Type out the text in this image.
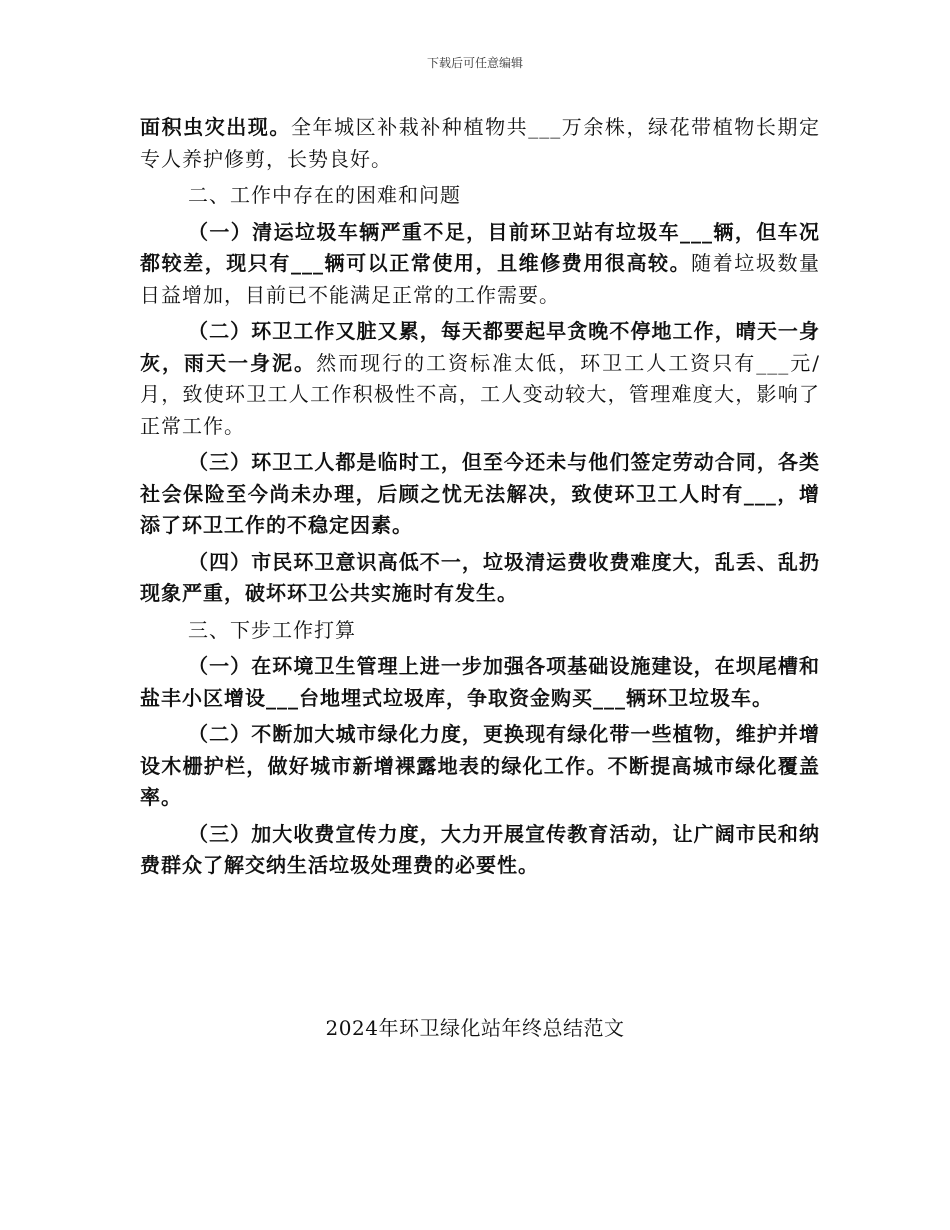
下载后可任意编辑

面积虫灾出现。全年城区补栽补种植物共___万余株，绿花带植物长期定专人养护修剪，长势良好。

二、工作中存在的困难和问题

（一）清运垃圾车辆严重不足，目前环卫站有垃圾车___辆，但车况都较差，现只有___辆可以正常使用，且维修费用很高较。随着垃圾数量日益增加，目前已不能满足正常的工作需要。

（二）环卫工作又脏又累，每天都要起早贪晚不停地工作，晴天一身灰，雨天一身泥。然而现行的工资标准太低，环卫工人工资只有___元/月，致使环卫工人工作积极性不高，工人变动较大，管理难度大，影响了正常工作。

（三）环卫工人都是临时工，但至今还未与他们签定劳动合同，各类社会保险至今尚未办理，后顾之忧无法解决，致使环卫工人时有___，增添了环卫工作的不稳定因素。

（四）市民环卫意识高低不一，垃圾清运费收费难度大，乱丢、乱扔现象严重，破坏环卫公共实施时有发生。

三、下步工作打算

（一）在环境卫生管理上进一步加强各项基础设施建设，在坝尾槽和盐丰小区增设___台地埋式垃圾库，争取资金购买___辆环卫垃圾车。

（二）不断加大城市绿化力度，更换现有绿化带一些植物，维护并增设木栅护栏，做好城市新增裸露地表的绿化工作。不断提高城市绿化覆盖率。

（三）加大收费宣传力度，大力开展宣传教育活动，让广阔市民和纳费群众了解交纳生活垃圾处理费的必要性。

2024年环卫绿化站年终总结范文
